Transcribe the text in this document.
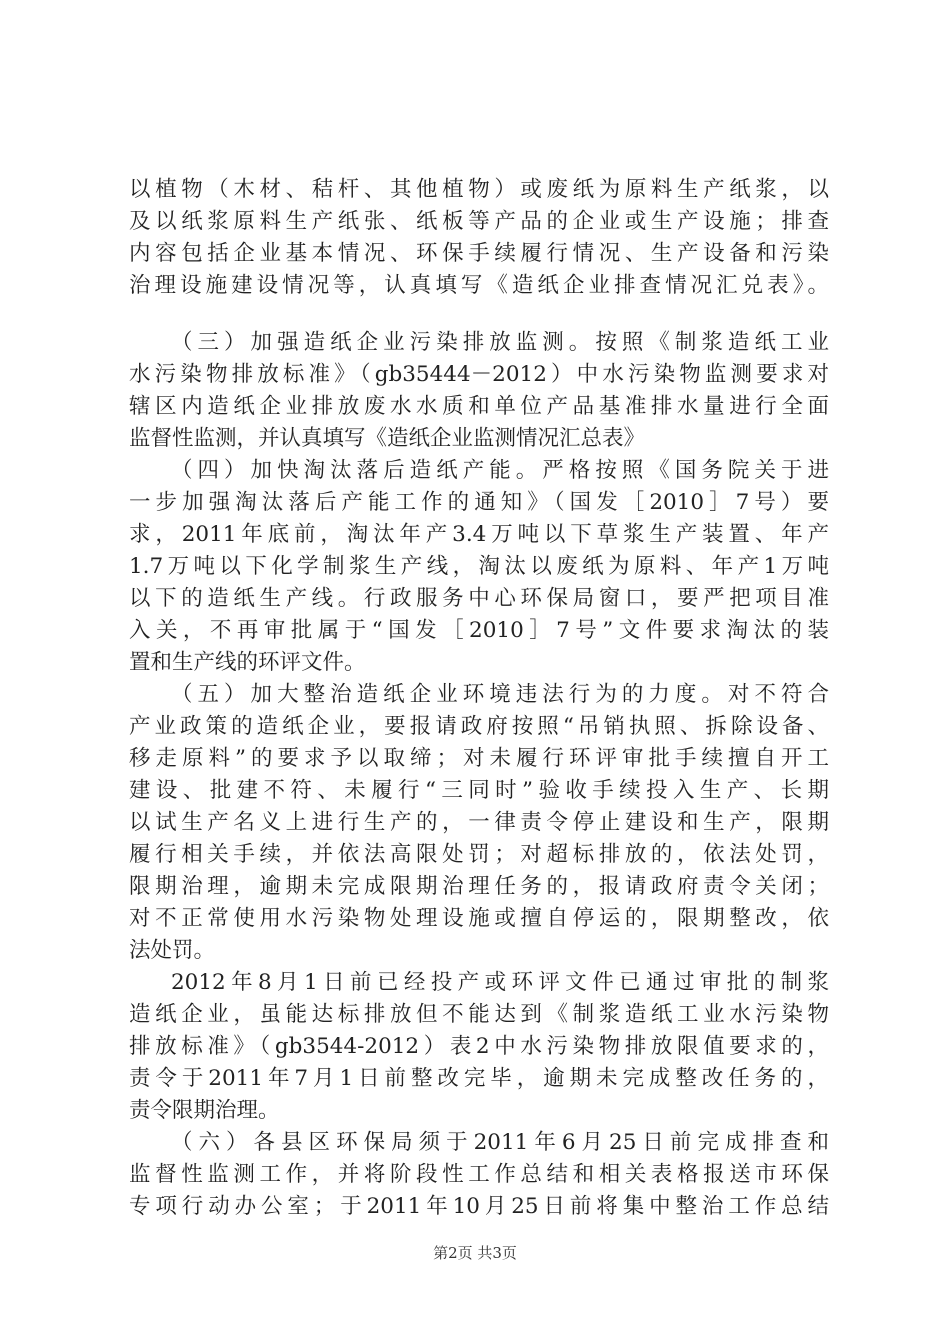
以植物（木材、秸杆、其他植物）或废纸为原料生产纸浆，以
及以纸浆原料生产纸张、纸板等产品的企业或生产设施；排查
内容包括企业基本情况、环保手续履行情况、生产设备和污染
治理设施建设情况等，认真填写《造纸企业排查情况汇兑表》。
（三）加强造纸企业污染排放监测。按照《制浆造纸工业
水污染物排放标准》（gb35444－2012）中水污染物监测要求对
辖区内造纸企业排放废水水质和单位产品基准排水量进行全面
监督性监测，并认真填写《造纸企业监测情况汇总表》
（四）加快淘汰落后造纸产能。严格按照《国务院关于进
一步加强淘汰落后产能工作的通知》（国发［2010］7号）要
求，2011年底前，淘汰年产3.4万吨以下草浆生产装置、年产
1.7万吨以下化学制浆生产线，淘汰以废纸为原料、年产1万吨
以下的造纸生产线。行政服务中心环保局窗口，要严把项目准
入关，不再审批属于“国发［2010］7号”文件要求淘汰的装
置和生产线的环评文件。
（五）加大整治造纸企业环境违法行为的力度。对不符合
产业政策的造纸企业，要报请政府按照“吊销执照、拆除设备、
移走原料”的要求予以取缔；对未履行环评审批手续擅自开工
建设、批建不符、未履行“三同时”验收手续投入生产、长期
以试生产名义上进行生产的，一律责令停止建设和生产，限期
履行相关手续，并依法高限处罚；对超标排放的，依法处罚，
限期治理，逾期未完成限期治理任务的，报请政府责令关闭；
对不正常使用水污染物处理设施或擅自停运的，限期整改，依
法处罚。
2012年8月1日前已经投产或环评文件已通过审批的制浆
造纸企业，虽能达标排放但不能达到《制浆造纸工业水污染物
排放标准》（gb3544-2012）表2中水污染物排放限值要求的，
责令于2011年7月1日前整改完毕，逾期未完成整改任务的，
责令限期治理。
（六）各县区环保局须于2011年6月25日前完成排查和
监督性监测工作，并将阶段性工作总结和相关表格报送市环保
专项行动办公室；于2011年10月25日前将集中整治工作总结
第2页 共3页
